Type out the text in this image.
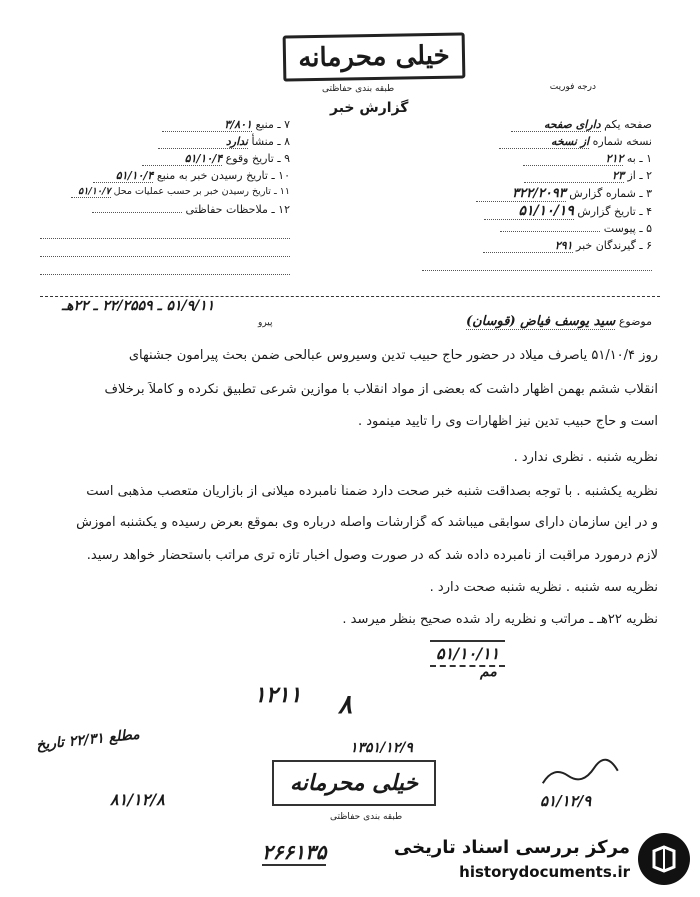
خیلی محرمانه
طبقه بندی حفاظتی	درجه فوریت
گزارش خبر
صفحه یکم دارای صفحه
نسخه شماره از نسخه
۱ ـ به ۲۱۲
۲ ـ از ۲۳
۳ ـ شماره گزارش ۳۲۲/۲۰۹۳
۴ ـ تاریخ گزارش ۵۱/۱۰/۱۹
۵ ـ پیوست
۶ ـ گیرندگان خبر ۲۹۱
۷ ـ منبع ۳/۸۰۱
۸ ـ منشأ ندارد
۹ ـ تاریخ وقوع ۵۱/۱۰/۴
۱۰ ـ تاریخ رسیدن خبر به منبع ۵۱/۱۰/۴
۱۱ ـ تاریخ رسیدن خبر بر حسب عملیات محل ۵۱/۱۰/۷
۱۲ ـ ملاحظات حفاظتی
۵۱/۹/۱۱ ـ ۲۲/۲۵۵۹ ـ ۲۲هـ
پیرو	موضوع سید یوسف فیاض (قوسان)
روز ۵۱/۱۰/۴ یاصرف میلاد در حضور حاج حبیب تدین وسیروس عبالحی ضمن بحث پیرامون جشنهای
انقلاب ششم بهمن اظهار داشت که بعضی از مواد انقلاب با موازین شرعی تطبیق نکرده و کاملاً برخلاف
است و حاج حبیب تدین نیز اظهارات وی را تأیید مینمود .
نظریه شنبه . نظری ندارد .
نظریه یکشنبه . با توجه بصداقت شنبه خبر صحت دارد ضمناً نامبرده میلانی از بازاریان متعصب مذهبی است
و در این سازمان دارای سوابقی میباشد که گزارشات واصله درباره وی بموقع بعرض رسیده و یکشنبه آموزش
لازم درمورد مراقبت از نامبرده داده شد که در صورت وصول اخبار تازه تری مراتب باستحضار خواهد رسید.
نظریه سه شنبه . نظریه شنبه صحت دارد .
نظریه ۲۲هـ ـ مراتب و نظریه راد شده صحیح بنظر میرسد .
۵۱/۱۰/۱۱
مم
۱۲۱۱ ۸
مطلع ۲۲/۳۱ تاریخ
۸۱/۱۲/۸
۱۳۵۱/۱۲/۹
خیلی محرمانه
طبقه بندی حفاظتی
۵۱/۱۲/۹
۲۶۶۱۳۵	مرکز بررسی اسناد تاریخی
historydocuments.ir
